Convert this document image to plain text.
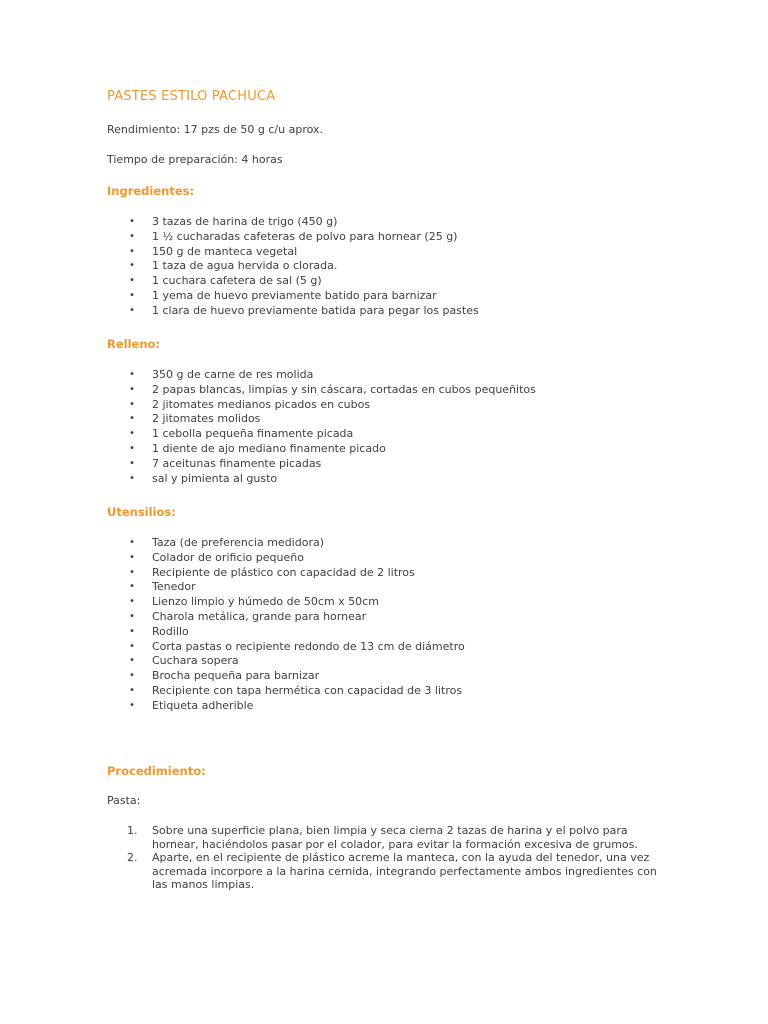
PASTES ESTILO PACHUCA
Rendimiento: 17 pzs de 50 g c/u aprox.
Tiempo de preparación: 4 horas
Ingredientes:
• 3 tazas de harina de trigo (450 g)
• 1 ½ cucharadas cafeteras de polvo para hornear (25 g)
• 150 g de manteca vegetal
• 1 taza de agua hervida o clorada.
• 1 cuchara cafetera de sal (5 g)
• 1 yema de huevo previamente batido para barnizar
• 1 clara de huevo previamente batida para pegar los pastes
Relleno:
• 350 g de carne de res molida
• 2 papas blancas, limpias y sin cáscara, cortadas en cubos pequeñitos
• 2 jitomates medianos picados en cubos
• 2 jitomates molidos
• 1 cebolla pequeña finamente picada
• 1 diente de ajo mediano finamente picado
• 7 aceitunas finamente picadas
• sal y pimienta al gusto
Utensilios:
• Taza (de preferencia medidora)
• Colador de orificio pequeño
• Recipiente de plástico con capacidad de 2 litros
• Tenedor
• Lienzo limpio y húmedo de 50cm x 50cm
• Charola metálica, grande para hornear
• Rodillo
• Corta pastas o recipiente redondo de 13 cm de diámetro
• Cuchara sopera
• Brocha pequeña para barnizar
• Recipiente con tapa hermética con capacidad de 3 litros
• Etiqueta adherible
Procedimiento:
Pasta:
1. Sobre una superficie plana, bien limpia y seca cierna 2 tazas de harina y el polvo para hornear, haciéndolos pasar por el colador, para evitar la formación excesiva de grumos.
2. Aparte, en el recipiente de plástico acreme la manteca, con la ayuda del tenedor, una vez acremada incorpore a la harina cernida, integrando perfectamente ambos ingredientes con las manos limpias.
